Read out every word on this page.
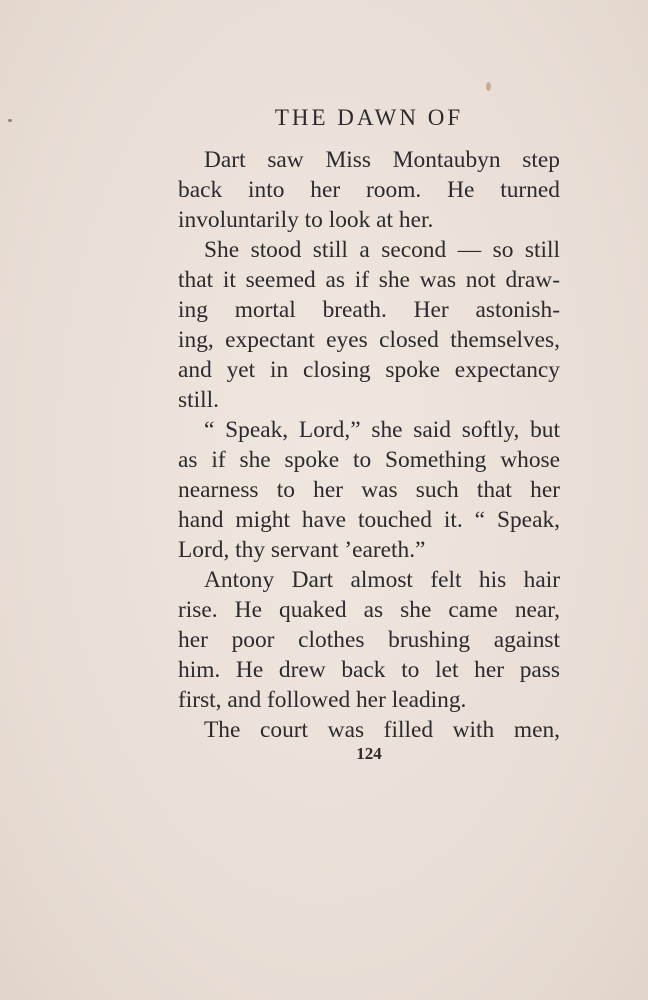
THE DAWN OF

Dart saw Miss Montaubyn step
back into her room. He turned
involuntarily to look at her.

She stood still a second — so still
that it seemed as if she was not draw-
ing mortal breath. Her astonish-
ing, expectant eyes closed themselves,
and yet in closing spoke expectancy
still.

“ Speak, Lord,” she said softly, but
as if she spoke to Something whose
nearness to her was such that her
hand might have touched it. “ Speak,
Lord, thy servant ’eareth.”

Antony Dart almost felt his hair
rise. He quaked as she came near,
her poor clothes brushing against
him. He drew back to let her pass
first, and followed her leading.

The court was filled with men,

124
